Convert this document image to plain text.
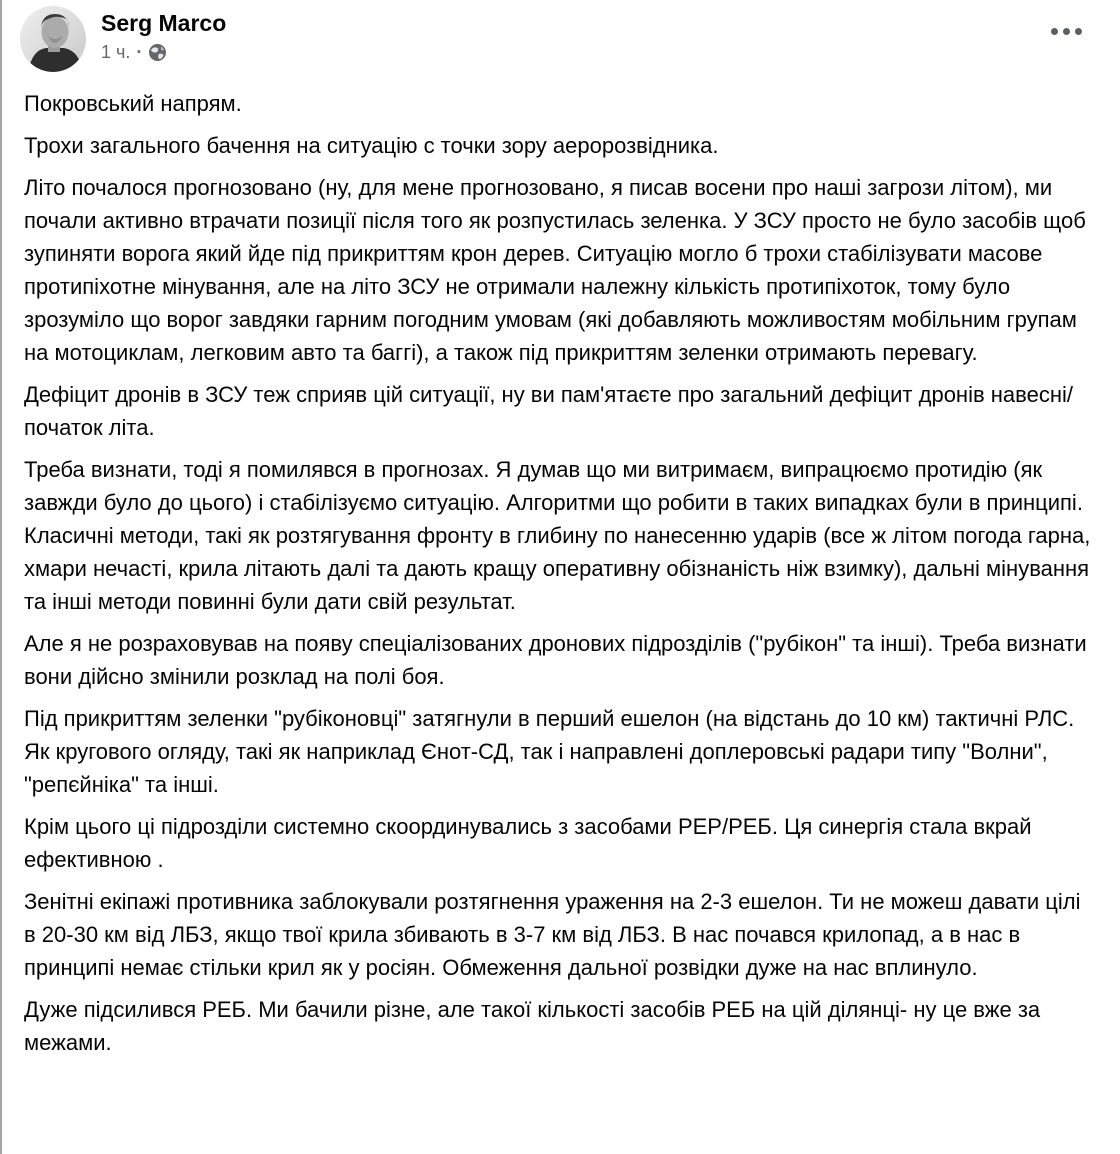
Serg Marco
1 ч. ·

Покровський напрям.

Трохи загального бачення на ситуацію с точки зору аеророзвідника.

Літо почалося прогнозовано (ну, для мене прогнозовано, я писав восени про наші загрози літом), ми почали активно втрачати позиції після того як розпустилась зеленка. У ЗСУ просто не було засобів щоб зупиняти ворога який йде під прикриттям крон дерев. Ситуацію могло б трохи стабілізувати масове протипіхотне мінування, але на літо ЗСУ не отримали належну кількість протипіхоток, тому було зрозуміло що ворог завдяки гарним погодним умовам (які добавляють можливостям мобільним групам на мотоциклам, легковим авто та баггі), а також під прикриттям зеленки отримають перевагу.

Дефіцит дронів в ЗСУ теж сприяв цій ситуації, ну ви пам'ятаєте про загальний дефіцит дронів навесні/початок літа.

Треба визнати, тоді я помилявся в прогнозах. Я думав що ми витримаєм, випрацюємо протидію (як завжди було до цього) і стабілізуємо ситуацію. Алгоритми що робити в таких випадках були в принципі. Класичні методи, такі як розтягування фронту в глибину по нанесенню ударів (все ж літом погода гарна, хмари нечасті, крила літають далі та дають кращу оперативну обізнаність ніж взимку), дальні мінування та інші методи повинні були дати свій результат.

Але я не розраховував на появу спеціалізованих дронових підрозділів ("рубікон" та інші). Треба визнати вони дійсно змінили розклад на полі боя.

Під прикриттям зеленки "рубіконовці" затягнули в перший ешелон (на відстань до 10 км) тактичні РЛС. Як кругового огляду, такі як наприклад Єнот-СД, так і направлені доплеровські радари типу "Волни", "репєйніка" та інші.

Крім цього ці підрозділи системно скоординувались з засобами РЕР/РЕБ. Ця синергія стала вкрай ефективною .

Зенітні екіпажі противника заблокували розтягнення ураження на 2-3 ешелон. Ти не можеш давати цілі в 20-30 км від ЛБЗ, якщо твої крила збивають в 3-7 км від ЛБЗ. В нас почався крилопад, а в нас в принципі немає стільки крил як у росіян. Обмеження дальної розвідки дуже на нас вплинуло.

Дуже підсилився РЕБ. Ми бачили різне, але такої кількості засобів РЕБ на цій ділянці- ну це вже за межами.
